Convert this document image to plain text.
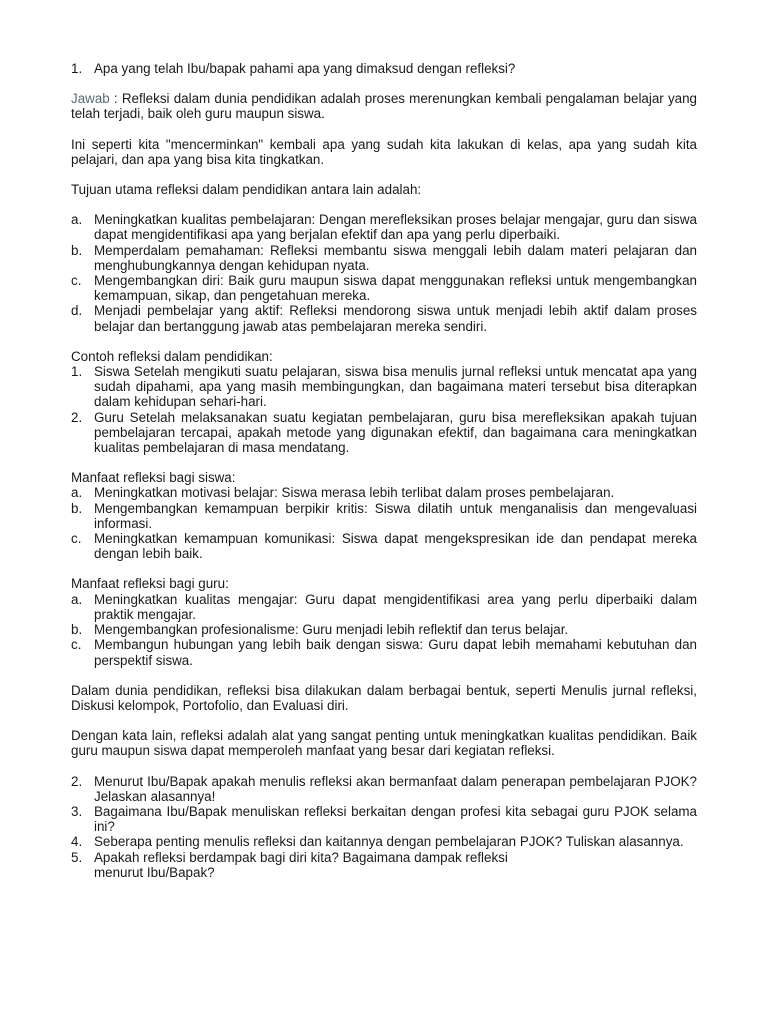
1. Apa yang telah Ibu/bapak pahami apa yang dimaksud dengan refleksi?

Jawab : Refleksi dalam dunia pendidikan adalah proses merenungkan kembali pengalaman belajar yang telah terjadi, baik oleh guru maupun siswa.

Ini seperti kita "mencerminkan" kembali apa yang sudah kita lakukan di kelas, apa yang sudah kita pelajari, dan apa yang bisa kita tingkatkan.

Tujuan utama refleksi dalam pendidikan antara lain adalah:

a. Meningkatkan kualitas pembelajaran: Dengan merefleksikan proses belajar mengajar, guru dan siswa dapat mengidentifikasi apa yang berjalan efektif dan apa yang perlu diperbaiki.
b. Memperdalam pemahaman: Refleksi membantu siswa menggali lebih dalam materi pelajaran dan menghubungkannya dengan kehidupan nyata.
c. Mengembangkan diri: Baik guru maupun siswa dapat menggunakan refleksi untuk mengembangkan kemampuan, sikap, dan pengetahuan mereka.
d. Menjadi pembelajar yang aktif: Refleksi mendorong siswa untuk menjadi lebih aktif dalam proses belajar dan bertanggung jawab atas pembelajaran mereka sendiri.

Contoh refleksi dalam pendidikan:

1. Siswa Setelah mengikuti suatu pelajaran, siswa bisa menulis jurnal refleksi untuk mencatat apa yang sudah dipahami, apa yang masih membingungkan, dan bagaimana materi tersebut bisa diterapkan dalam kehidupan sehari-hari.
2. Guru Setelah melaksanakan suatu kegiatan pembelajaran, guru bisa merefleksikan apakah tujuan pembelajaran tercapai, apakah metode yang digunakan efektif, dan bagaimana cara meningkatkan kualitas pembelajaran di masa mendatang.

Manfaat refleksi bagi siswa:

a. Meningkatkan motivasi belajar: Siswa merasa lebih terlibat dalam proses pembelajaran.
b. Mengembangkan kemampuan berpikir kritis: Siswa dilatih untuk menganalisis dan mengevaluasi informasi.
c. Meningkatkan kemampuan komunikasi: Siswa dapat mengekspresikan ide dan pendapat mereka dengan lebih baik.

Manfaat refleksi bagi guru:

a. Meningkatkan kualitas mengajar: Guru dapat mengidentifikasi area yang perlu diperbaiki dalam praktik mengajar.
b. Mengembangkan profesionalisme: Guru menjadi lebih reflektif dan terus belajar.
c. Membangun hubungan yang lebih baik dengan siswa: Guru dapat lebih memahami kebutuhan dan perspektif siswa.

Dalam dunia pendidikan, refleksi bisa dilakukan dalam berbagai bentuk, seperti Menulis jurnal refleksi, Diskusi kelompok, Portofolio, dan Evaluasi diri.

Dengan kata lain, refleksi adalah alat yang sangat penting untuk meningkatkan kualitas pendidikan. Baik guru maupun siswa dapat memperoleh manfaat yang besar dari kegiatan refleksi.

2. Menurut Ibu/Bapak apakah menulis refleksi akan bermanfaat dalam penerapan pembelajaran PJOK? Jelaskan alasannya!
3. Bagaimana Ibu/Bapak menuliskan refleksi berkaitan dengan profesi kita sebagai guru PJOK selama ini?
4. Seberapa penting menulis refleksi dan kaitannya dengan pembelajaran PJOK? Tuliskan alasannya.
5. Apakah refleksi berdampak bagi diri kita? Bagaimana dampak refleksi
menurut Ibu/Bapak?
